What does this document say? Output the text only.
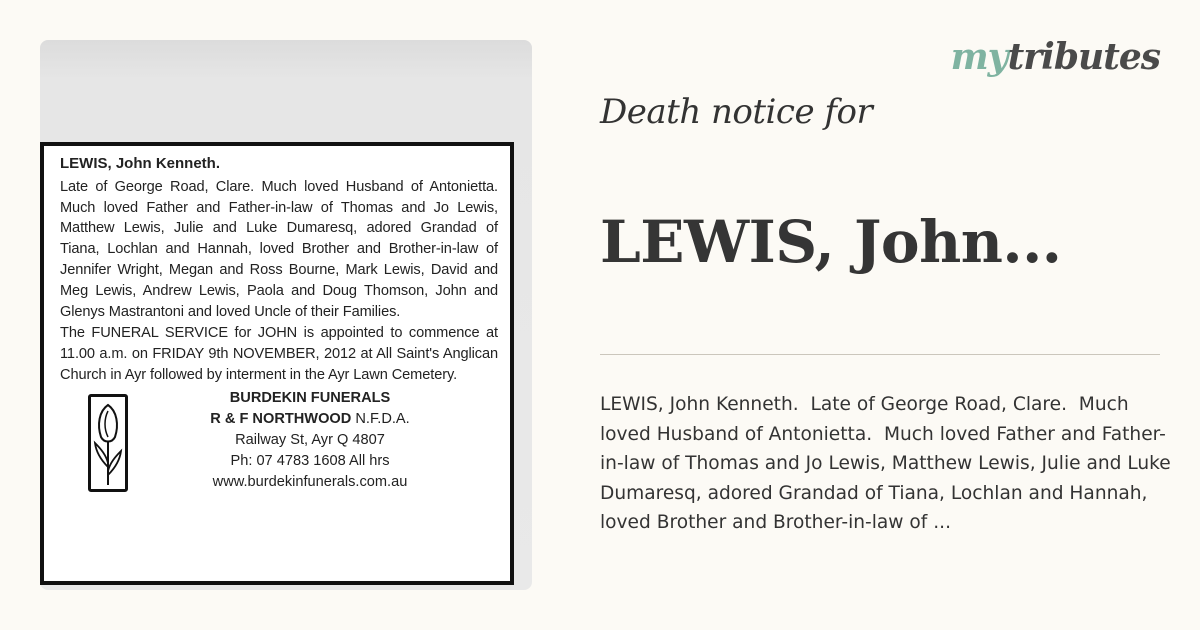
LEWIS, John Kenneth.
Late of George Road, Clare. Much loved Husband of Antonietta. Much loved Father and Father-in-law of Thomas and Jo Lewis, Matthew Lewis, Julie and Luke Dumaresq, adored Grandad of Tiana, Lochlan and Hannah, loved Brother and Brother-in-law of Jennifer Wright, Megan and Ross Bourne, Mark Lewis, David and Meg Lewis, Andrew Lewis, Paola and Doug Thomson, John and Glenys Mastrantoni and loved Uncle of their Families.
The FUNERAL SERVICE for JOHN is appointed to commence at 11.00 a.m. on FRIDAY 9th NOVEMBER, 2012 at All Saint's Anglican Church in Ayr followed by interment in the Ayr Lawn Cemetery.
BURDEKIN FUNERALS
R & F NORTHWOOD N.F.D.A.
Railway St, Ayr Q 4807
Ph: 07 4783 1608 All hrs
www.burdekinfunerals.com.au
mytributes
Death notice for
LEWIS, John...
LEWIS, John Kenneth.  Late of George Road, Clare.  Much loved Husband of Antonietta.  Much loved Father and Father-in-law of Thomas and Jo Lewis, Matthew Lewis, Julie and Luke Dumaresq, adored Grandad of Tiana, Lochlan and Hannah, loved Brother and Brother-in-law of ...
